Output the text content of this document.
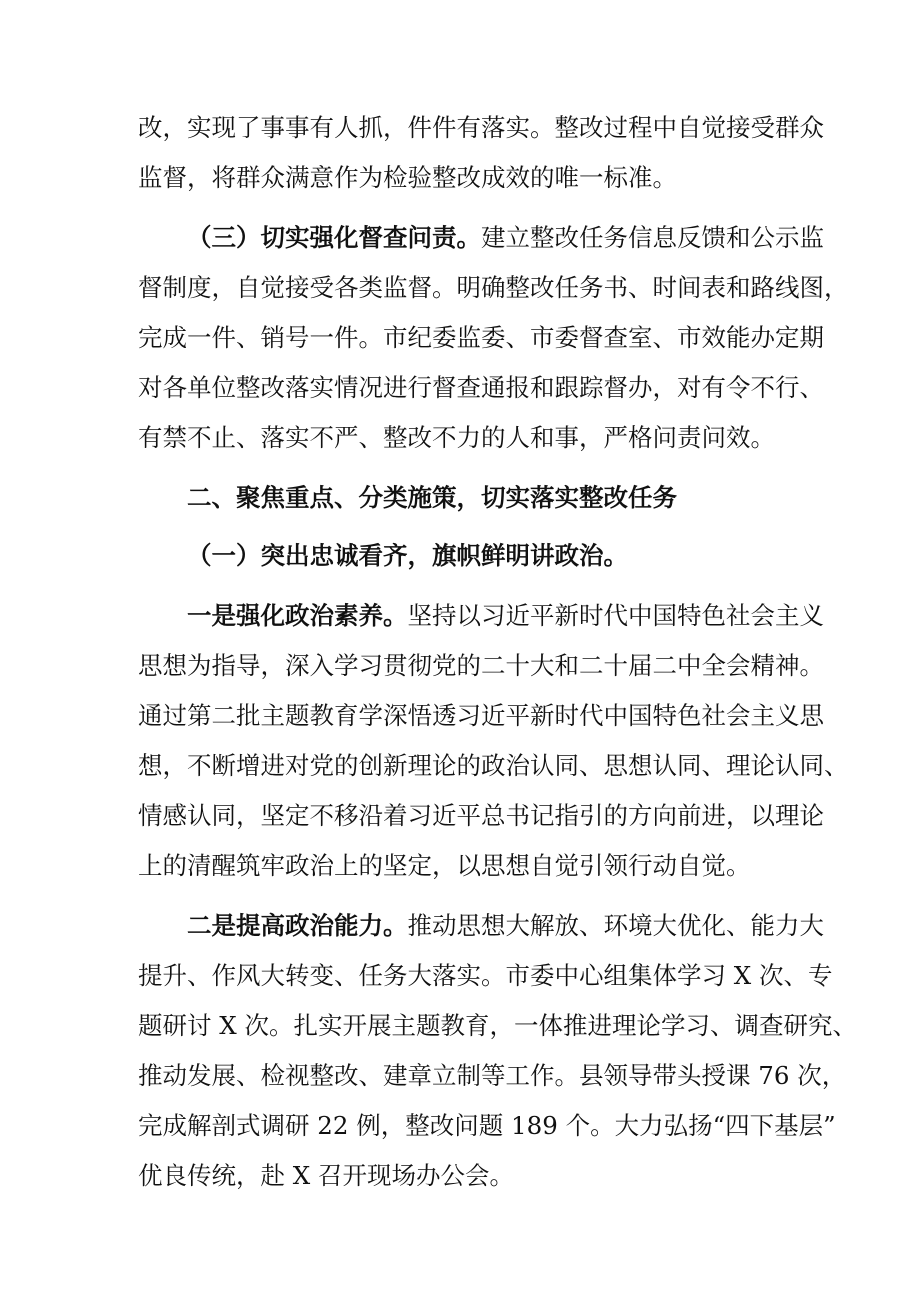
改，实现了事事有人抓，件件有落实。整改过程中自觉接受群众
监督，将群众满意作为检验整改成效的唯一标准。
（三）切实强化督查问责。建立整改任务信息反馈和公示监
督制度，自觉接受各类监督。明确整改任务书、时间表和路线图，
完成一件、销号一件。市纪委监委、市委督查室、市效能办定期
对各单位整改落实情况进行督查通报和跟踪督办，对有令不行、
有禁不止、落实不严、整改不力的人和事，严格问责问效。
二、聚焦重点、分类施策，切实落实整改任务
（一）突出忠诚看齐，旗帜鲜明讲政治。
一是强化政治素养。坚持以习近平新时代中国特色社会主义
思想为指导，深入学习贯彻党的二十大和二十届二中全会精神。
通过第二批主题教育学深悟透习近平新时代中国特色社会主义思
想，不断增进对党的创新理论的政治认同、思想认同、理论认同、
情感认同，坚定不移沿着习近平总书记指引的方向前进，以理论
上的清醒筑牢政治上的坚定，以思想自觉引领行动自觉。
二是提高政治能力。推动思想大解放、环境大优化、能力大
提升、作风大转变、任务大落实。市委中心组集体学习 X 次、专
题研讨 X 次。扎实开展主题教育，一体推进理论学习、调查研究、
推动发展、检视整改、建章立制等工作。县领导带头授课 76 次，
完成解剖式调研 22 例，整改问题 189 个。大力弘扬“四下基层”
优良传统，赴 X 召开现场办公会。
